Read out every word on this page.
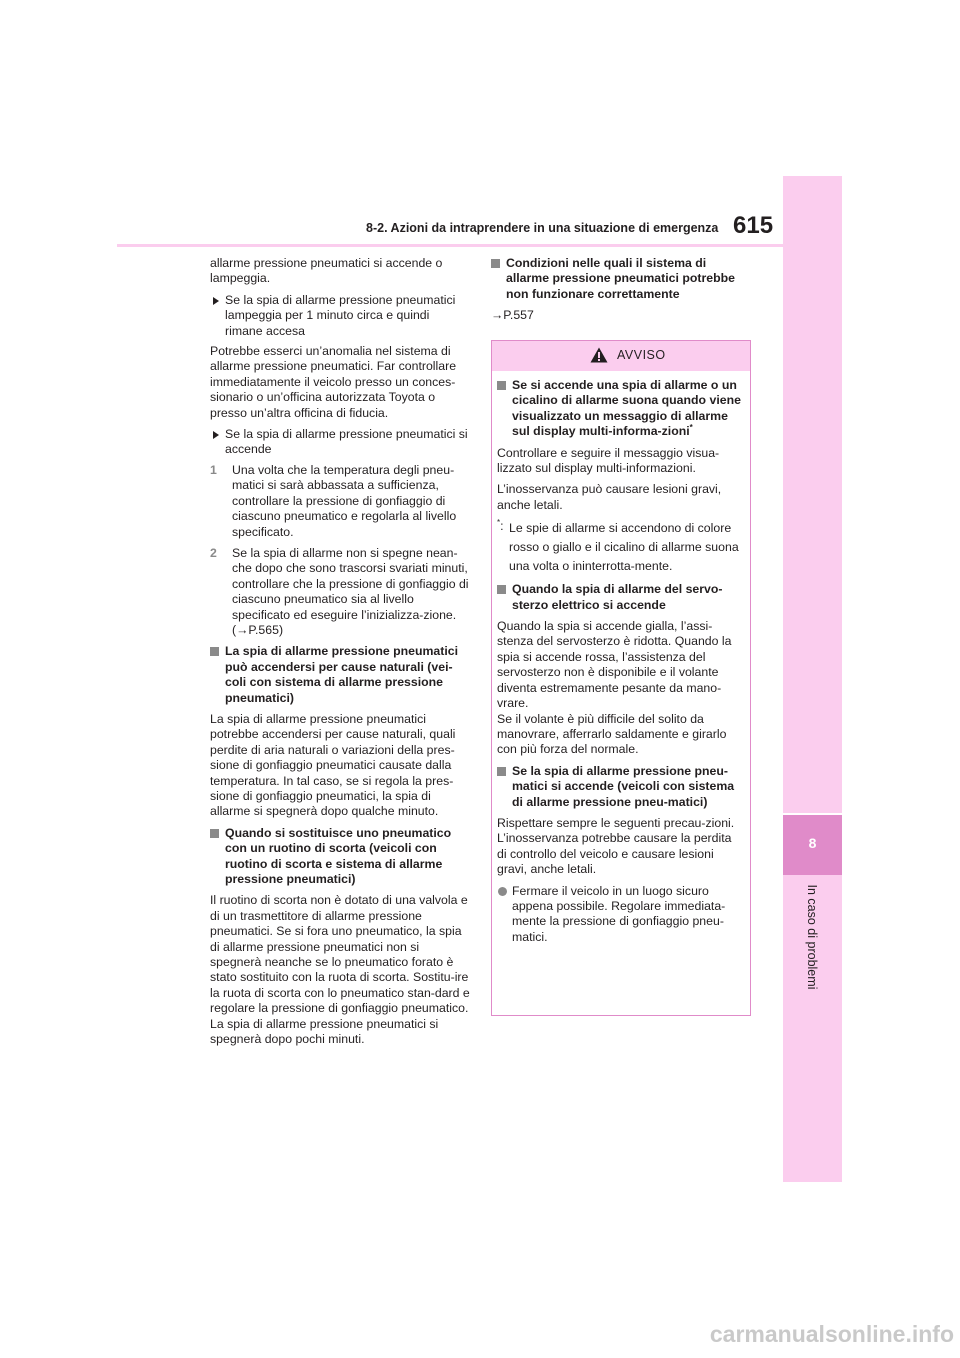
8
In caso di problemi
615
8-2. Azioni da intraprendere in una situazione di emergenza

allarme pressione pneumatici si accende o lampeggia.

Se la spia di allarme pressione pneumatici lampeggia per 1 minuto circa e quindi rimane accesa

Potrebbe esserci un’anomalia nel sistema di allarme pressione pneumatici. Far controllare immediatamente il veicolo presso un conces-sionario o un’officina autorizzata Toyota o presso un’altra officina di fiducia.

Se la spia di allarme pressione pneumatici si accende
1 Una volta che la temperatura degli pneu-matici si sarà abbassata a sufficienza, controllare la pressione di gonfiaggio di ciascuno pneumatico e regolarla al livello specificato.
2 Se la spia di allarme non si spegne nean-che dopo che sono trascorsi svariati minuti, controllare che la pressione di gonfiaggio di ciascuno pneumatico sia al livello specificato ed eseguire l’inizializza-zione. (→P.565)
La spia di allarme pressione pneumatici può accendersi per cause naturali (vei-coli con sistema di allarme pressione pneumatici)

La spia di allarme pressione pneumatici potrebbe accendersi per cause naturali, quali perdite di aria naturali o variazioni della pres-sione di gonfiaggio pneumatici causate dalla temperatura. In tal caso, se si regola la pres-sione di gonfiaggio pneumatici, la spia di allarme si spegnerà dopo qualche minuto.

Quando si sostituisce uno pneumatico con un ruotino di scorta (veicoli con ruotino di scorta e sistema di allarme pressione pneumatici)

Il ruotino di scorta non è dotato di una valvola e di un trasmettitore di allarme pressione pneumatici. Se si fora uno pneumatico, la spia di allarme pressione pneumatici non si spegnerà neanche se lo pneumatico forato è stato sostituito con la ruota di scorta. Sostitu-ire la ruota di scorta con lo pneumatico stan-dard e regolare la pressione di gonfiaggio pneumatico. La spia di allarme pressione pneumatici si spegnerà dopo pochi minuti.

Condizioni nelle quali il sistema di allarme pressione pneumatici potrebbe non funzionare correttamente

→P.557

AVVISO
Se si accende una spia di allarme o un cicalino di allarme suona quando viene visualizzato un messaggio di allarme sul display multi-informa-zioni*

Controllare e seguire il messaggio visua-lizzato sul display multi-informazioni.

L’inosservanza può causare lesioni gravi, anche letali.

*: Le spie di allarme si accendono di colore rosso o giallo e il cicalino di allarme suona una volta o ininterrotta-mente.
Quando la spia di allarme del servo-sterzo elettrico si accende

Quando la spia si accende gialla, l’assi-stenza del servosterzo è ridotta. Quando la spia si accende rossa, l’assistenza del servosterzo non è disponibile e il volante diventa estremamente pesante da mano-vrare.

Se il volante è più difficile del solito da manovrare, afferrarlo saldamente e girarlo con più forza del normale.

Se la spia di allarme pressione pneu-matici si accende (veicoli con sistema di allarme pressione pneu-matici)

Rispettare sempre le seguenti precau-zioni. L’inosservanza potrebbe causare la perdita di controllo del veicolo e causare lesioni gravi, anche letali.

Fermare il veicolo in un luogo sicuro appena possibile. Regolare immediata-mente la pressione di gonfiaggio pneu-matici.
carmanualsonline.info
